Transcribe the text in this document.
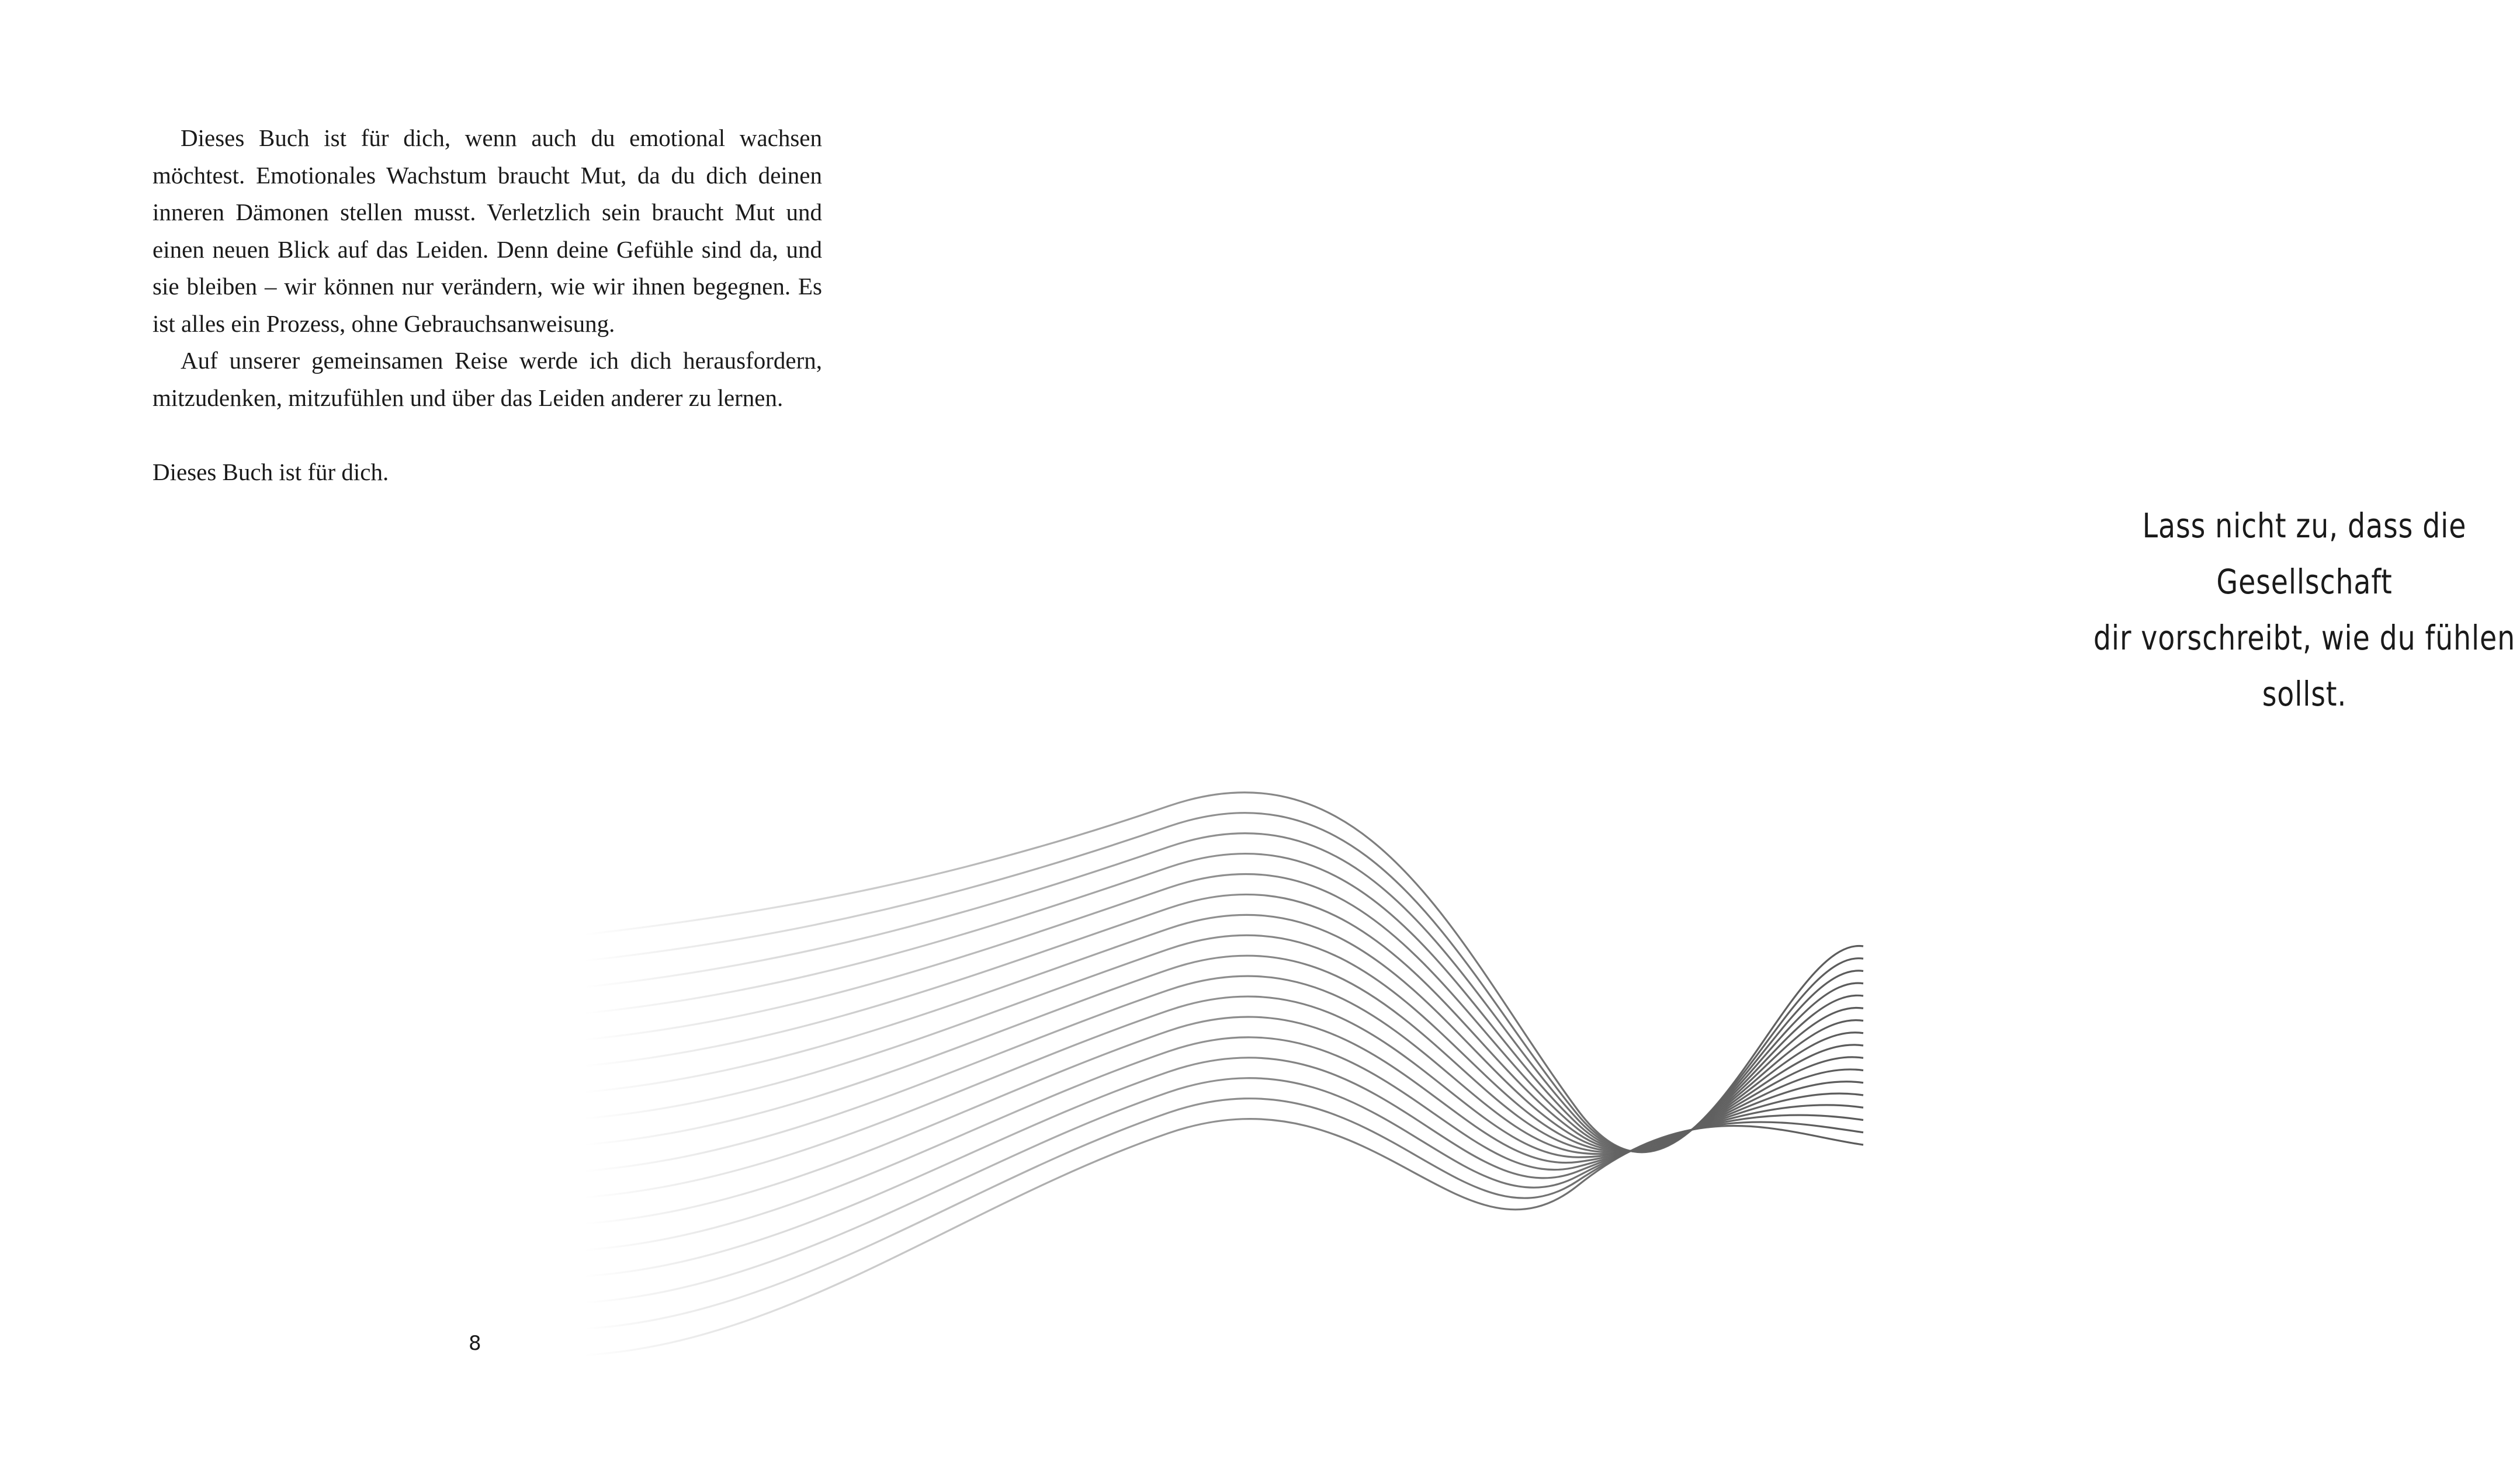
Dieses Buch ist für dich, wenn auch du emotional wachsen möchtest. Emotionales Wachstum braucht Mut, da du dich deinen inneren Dämonen stellen musst. Verletzlich sein braucht Mut und einen neuen Blick auf das Leiden. Denn deine Gefühle sind da, und sie bleiben – wir können nur verändern, wie wir ihnen begegnen. Es ist alles ein Prozess, ohne Gebrauchsanweisung.

Auf unserer gemeinsamen Reise werde ich dich herausfordern, mitzudenken, mitzufühlen und über das Leiden anderer zu lernen.

Dieses Buch ist für dich.

8
Lass nicht zu, dass die Gesellschaft
dir vorschreibt, wie du fühlen sollst.
